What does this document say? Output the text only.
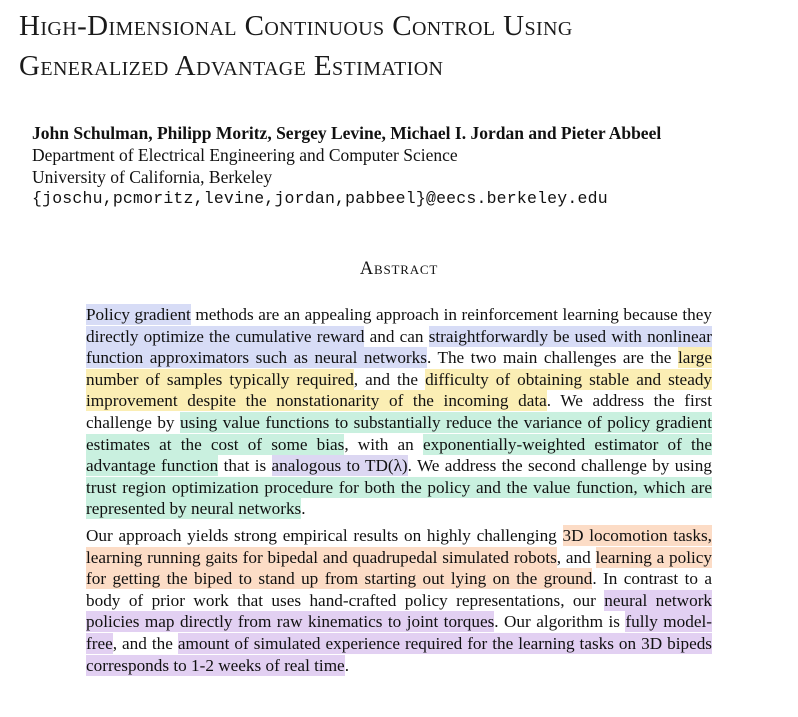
High-Dimensional Continuous Control Using
Generalized Advantage Estimation
John Schulman, Philipp Moritz, Sergey Levine, Michael I. Jordan and Pieter Abbeel
Department of Electrical Engineering and Computer Science
University of California, Berkeley
{joschu,pcmoritz,levine,jordan,pabbeel}@eecs.berkeley.edu
Abstract

Policy gradient methods are an appealing approach in reinforcement learning because they directly optimize the cumulative reward and can straightforwardly be used with nonlinear function approximators such as neural networks. The two main challenges are the large number of samples typically required, and the difficulty of obtaining stable and steady improvement despite the nonstationarity of the incoming data. We address the first challenge by using value functions to substantially reduce the variance of policy gradient estimates at the cost of some bias, with an exponentially-weighted estimator of the advantage function that is analogous to TD(λ). We address the second challenge by using trust region optimization procedure for both the policy and the value function, which are represented by neural networks.

Our approach yields strong empirical results on highly challenging 3D locomotion tasks, learning running gaits for bipedal and quadrupedal simulated robots, and learning a policy for getting the biped to stand up from starting out lying on the ground. In contrast to a body of prior work that uses hand-crafted policy representations, our neural network policies map directly from raw kinematics to joint torques. Our algorithm is fully model-free, and the amount of simulated experience required for the learning tasks on 3D bipeds corresponds to 1-2 weeks of real time.
